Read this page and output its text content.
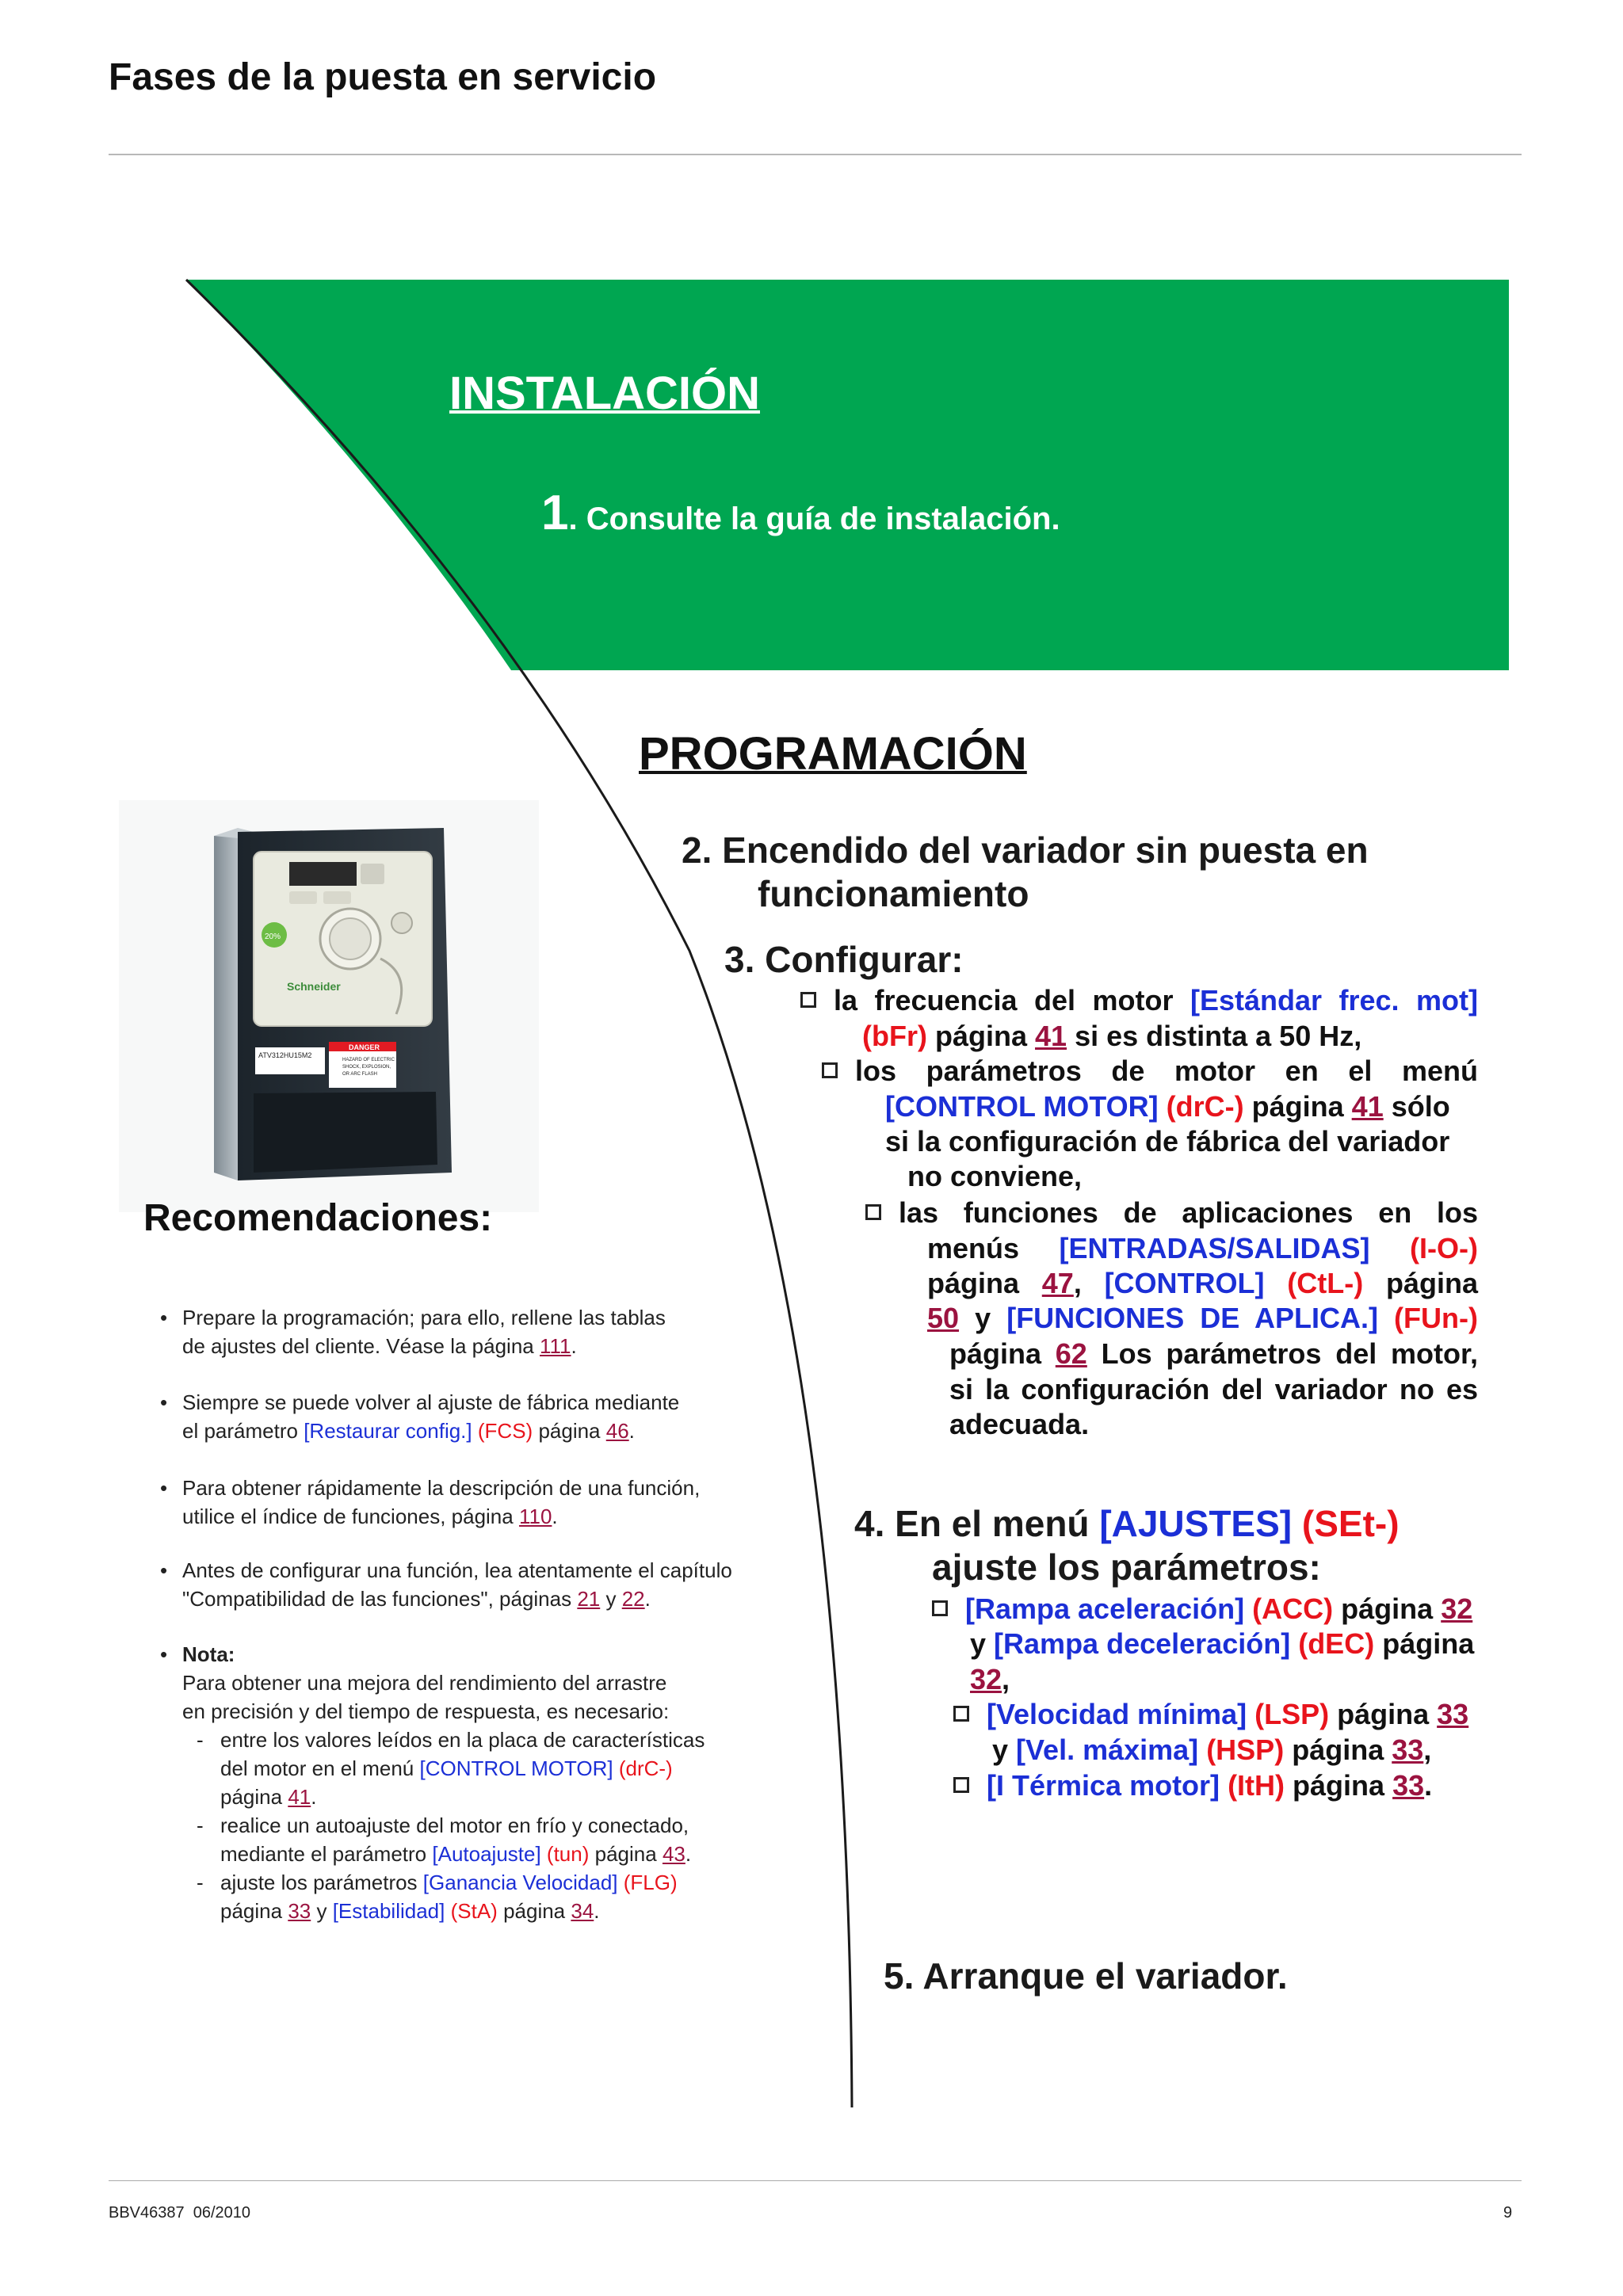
Fases de la puesta en servicio
INSTALACIÓN
1. Consulte la guía de instalación.
PROGRAMACIÓN
2. Encendido del variador sin puesta en
funcionamiento
3. Configurar:
la frecuencia del motor [Estándar frec. mot]
(bFr) página 41 si es distinta a 50 Hz,
los parámetros de motor en el menú
[CONTROL MOTOR] (drC-) página 41 sólo
si la configuración de fábrica del variador
no conviene,
las funciones de aplicaciones en los
menús [ENTRADAS/SALIDAS] (I-O-)
página 47, [CONTROL] (CtL-) página
50 y [FUNCIONES DE APLICA.] (FUn-)
página 62 Los parámetros del motor,
si la configuración del variador no es
adecuada.
4. En el menú [AJUSTES] (SEt-)
ajuste los parámetros:
[Rampa aceleración] (ACC) página 32
y [Rampa deceleración] (dEC) página
32,
[Velocidad mínima] (LSP) página 33
y [Vel. máxima] (HSP) página 33,
[I Térmica motor] (ItH) página 33.
5. Arranque el variador.
20%
Schneider
ATV312HU15M2
DANGER
HAZARD OF ELECTRIC
SHOCK, EXPLOSION,
OR ARC FLASH
Recomendaciones:
• Prepare la programación; para ello, rellene las tablas
de ajustes del cliente. Véase la página 111.
• Siempre se puede volver al ajuste de fábrica mediante
el parámetro [Restaurar config.] (FCS) página 46.
• Para obtener rápidamente la descripción de una función,
utilice el índice de funciones, página 110.
• Antes de configurar una función, lea atentamente el capítulo
"Compatibilidad de las funciones", páginas 21 y 22.
• Nota:
Para obtener una mejora del rendimiento del arrastre
en precisión y del tiempo de respuesta, es necesario:
- entre los valores leídos en la placa de características
del motor en el menú [CONTROL MOTOR] (drC-)
página 41.
- realice un autoajuste del motor en frío y conectado,
mediante el parámetro [Autoajuste] (tun) página 43.
- ajuste los parámetros [Ganancia Velocidad] (FLG)
página 33 y [Estabilidad] (StA) página 34.
BBV46387  06/2010	9
